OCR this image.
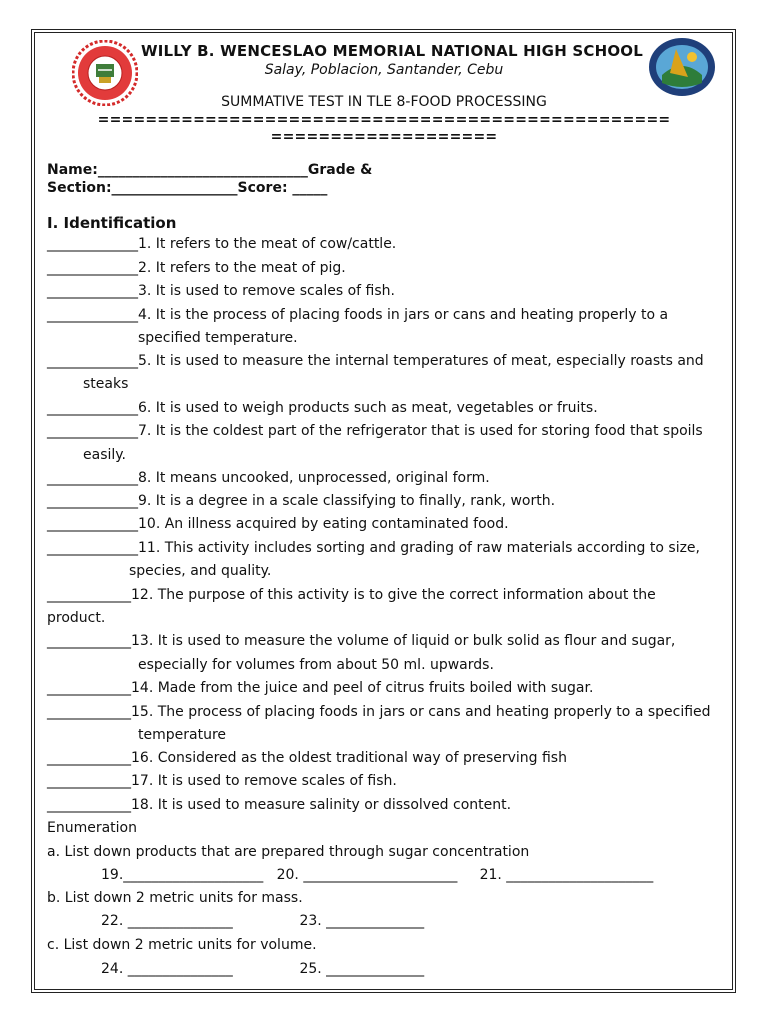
WILLY B. WENCESLAO MEMORIAL NATIONAL HIGH SCHOOL
Salay, Poblacion, Santander, Cebu
SUMMATIVE TEST IN TLE 8-FOOD PROCESSING
================================================
===================
Name:______________________________Grade &
Section:__________________Score: _____
I. Identification
_____________1. It refers to the meat of cow/cattle.
_____________2. It refers to the meat of pig.
_____________3. It is used to remove scales of fish.
_____________4. It is the process of placing foods in jars or cans and heating properly to a
specified temperature.
_____________5. It is used to measure the internal temperatures of meat, especially roasts and
steaks
_____________6. It is used to weigh products such as meat, vegetables or fruits.
_____________7. It is the coldest part of the refrigerator that is used for storing food that spoils
easily.
_____________8. It means uncooked, unprocessed, original form.
_____________9. It is a degree in a scale classifying to finally, rank, worth.
_____________10. An illness acquired by eating contaminated food.
_____________11. This activity includes sorting and grading of raw materials according to size,
species, and quality.
____________12. The purpose of this activity is to give the correct information about the
product.
____________13. It is used to measure the volume of liquid or bulk solid as flour and sugar,
especially for volumes from about 50 ml. upwards.
____________14. Made from the juice and peel of citrus fruits boiled with sugar.
____________15. The process of placing foods in jars or cans and heating properly to a specified
temperature
____________16. Considered as the oldest traditional way of preserving fish
____________17. It is used to remove scales of fish.
____________18. It is used to measure salinity or dissolved content.
Enumeration
a. List down products that are prepared through sugar concentration
19.____________________   20. ______________________     21. _____________________
b. List down 2 metric units for mass.
22. _______________               23. ______________
c. List down 2 metric units for volume.
24. _______________               25. ______________
